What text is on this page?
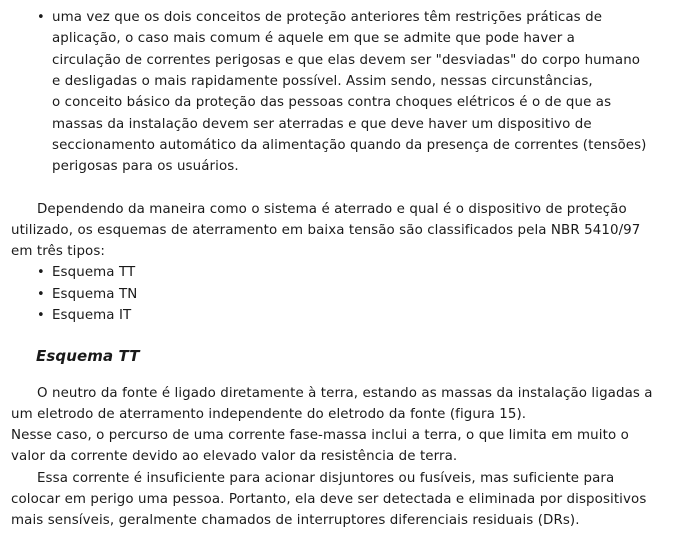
• uma vez que os dois conceitos de proteção anteriores têm restrições práticas de
aplicação, o caso mais comum é aquele em que se admite que pode haver a
circulação de correntes perigosas e que elas devem ser "desviadas" do corpo humano
e desligadas o mais rapidamente possível. Assim sendo, nessas circunstâncias,
o conceito básico da proteção das pessoas contra choques elétricos é o de que as
massas da instalação devem ser aterradas e que deve haver um dispositivo de
seccionamento automático da alimentação quando da presença de correntes (tensões)
perigosas para os usuários.
Dependendo da maneira como o sistema é aterrado e qual é o dispositivo de proteção
utilizado, os esquemas de aterramento em baixa tensão são classificados pela NBR 5410/97
em três tipos:
• Esquema TT
• Esquema TN
• Esquema IT
Esquema TT
O neutro da fonte é ligado diretamente à terra, estando as massas da instalação ligadas a
um eletrodo de aterramento independente do eletrodo da fonte (figura 15).
Nesse caso, o percurso de uma corrente fase-massa inclui a terra, o que limita em muito o
valor da corrente devido ao elevado valor da resistência de terra.
Essa corrente é insuficiente para acionar disjuntores ou fusíveis, mas suficiente para
colocar em perigo uma pessoa. Portanto, ela deve ser detectada e eliminada por dispositivos
mais sensíveis, geralmente chamados de interruptores diferenciais residuais (DRs).
